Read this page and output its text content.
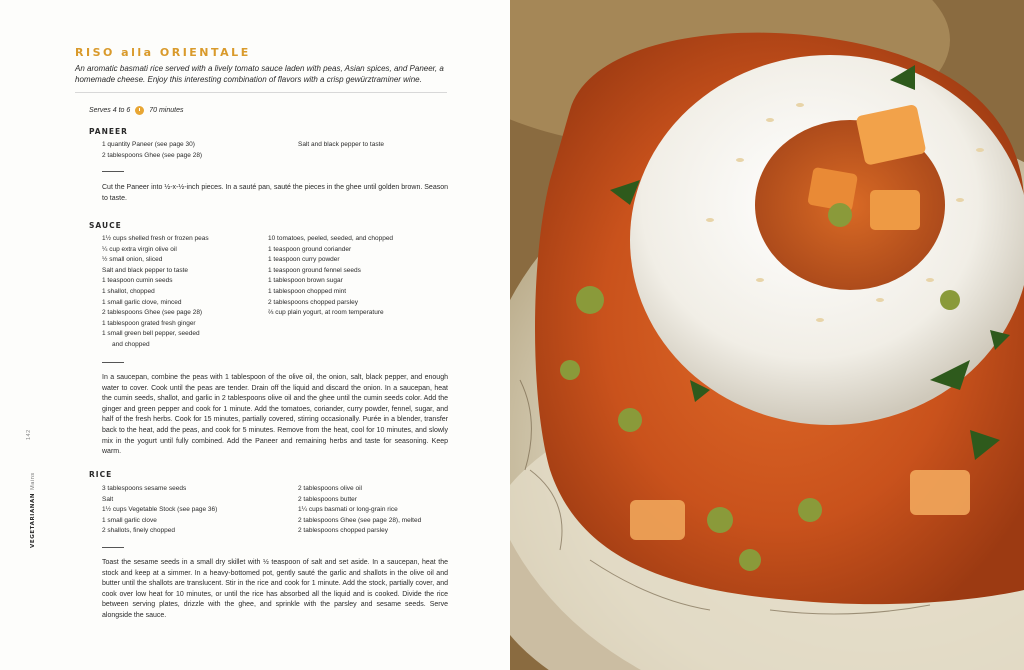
RISO alla ORIENTALE
An aromatic basmati rice served with a lively tomato sauce laden with peas, Asian spices, and Paneer, a homemade cheese. Enjoy this interesting combination of flavors with a crisp gewürztraminer wine.
Serves 4 to 6	70 minutes
PANEER
1 quantity Paneer (see page 30)
2 tablespoons Ghee (see page 28)
Salt and black pepper to taste

Cut the Paneer into ½-x-½-inch pieces. In a sauté pan, sauté the pieces in the ghee until golden brown. Season to taste.

SAUCE
1½ cups shelled fresh or frozen peas
¼ cup extra virgin olive oil
½ small onion, sliced
Salt and black pepper to taste
1 teaspoon cumin seeds
1 shallot, chopped
1 small garlic clove, minced
2 tablespoons Ghee (see page 28)
1 tablespoon grated fresh ginger
1 small green bell pepper, seeded
and chopped
10 tomatoes, peeled, seeded, and chopped
1 teaspoon ground coriander
1 teaspoon curry powder
1 teaspoon ground fennel seeds
1 tablespoon brown sugar
1 tablespoon chopped mint
2 tablespoons chopped parsley
⅔ cup plain yogurt, at room temperature

In a saucepan, combine the peas with 1 tablespoon of the olive oil, the onion, salt, black pepper, and enough water to cover. Cook until the peas are tender. Drain off the liquid and discard the onion. In a saucepan, heat the cumin seeds, shallot, and garlic in 2 tablespoons olive oil and the ghee until the cumin seeds color. Add the ginger and green pepper and cook for 1 minute. Add the tomatoes, coriander, curry powder, fennel, sugar, and half of the fresh herbs. Cook for 15 minutes, partially covered, stirring occasionally. Purée in a blender, transfer back to the heat, add the peas, and cook for 5 minutes. Remove from the heat, cool for 10 minutes, and slowly mix in the yogurt until fully combined. Add the Paneer and remaining herbs and taste for seasoning. Keep warm.

RICE
3 tablespoons sesame seeds
Salt
1½ cups Vegetable Stock (see page 36)
1 small garlic clove
2 shallots, finely chopped
2 tablespoons olive oil
2 tablespoons butter
1¼ cups basmati or long-grain rice
2 tablespoons Ghee (see page 28), melted
2 tablespoons chopped parsley

Toast the sesame seeds in a small dry skillet with ½ teaspoon of salt and set aside. In a saucepan, heat the stock and keep at a simmer. In a heavy-bottomed pot, gently sauté the garlic and shallots in the olive oil and butter until the shallots are translucent. Stir in the rice and cook for 1 minute. Add the stock, partially cover, and cook over low heat for 10 minutes, or until the rice has absorbed all the liquid and is cooked. Divide the rice between serving plates, drizzle with the ghee, and sprinkle with the parsley and sesame seeds. Serve alongside the sauce.

142
VEGETARIANANMains
